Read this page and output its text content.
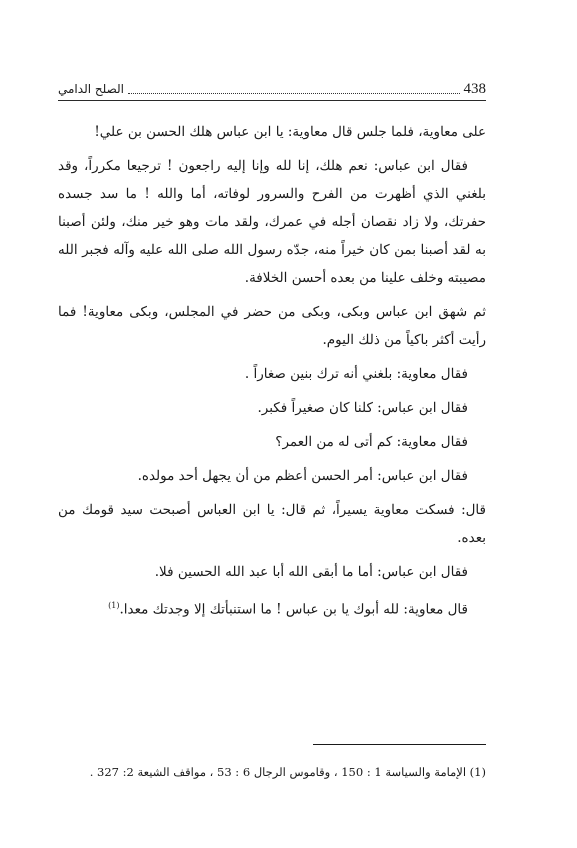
الصلح الدامي	438

على معاوية، فلما جلس قال معاوية: يا ابن عباس هلك الحسن بن علي!

فقال ابن عباس: نعم هلك، إنا لله وإنا إليه راجعون ! ترجيعا مكرراً، وقد بلغني الذي أظهرت من الفرح والسرور لوفاته، أما والله ! ما سد جسده حفرتك، ولا زاد نقصان أجله في عمرك، ولقد مات وهو خير منك، ولئن أصبنا به لقد أصبنا بمن كان خيراً منه، جدّه رسول الله صلى الله عليه وآله فجبر الله مصيبته وخلف علينا من بعده أحسن الخلافة.

ثم شهق ابن عباس وبكى، وبكى من حضر في المجلس، وبكى معاوية! فما رأيت أكثر باكياً من ذلك اليوم.

فقال معاوية: بلغني أنه ترك بنين صغاراً .

فقال ابن عباس: كلنا كان صغيراً فكبر.

فقال معاوية: كم أتى له من العمر؟

فقال ابن عباس: أمر الحسن أعظم من أن يجهل أحد مولده.

قال: فسكت معاوية يسيراً، ثم قال: يا ابن العباس أصبحت سيد قومك من بعده.

فقال ابن عباس: أما ما أبقى الله أبا عبد الله الحسين فلا.

قال معاوية: لله أبوك يا بن عباس ! ما استنبأتك إلا وجدتك معدا.$^{(1)}$

(1) الإمامة والسياسة 1 : 150 ، وقاموس الرجال 6 : 53 ، مواقف الشيعة 2: 327 .
